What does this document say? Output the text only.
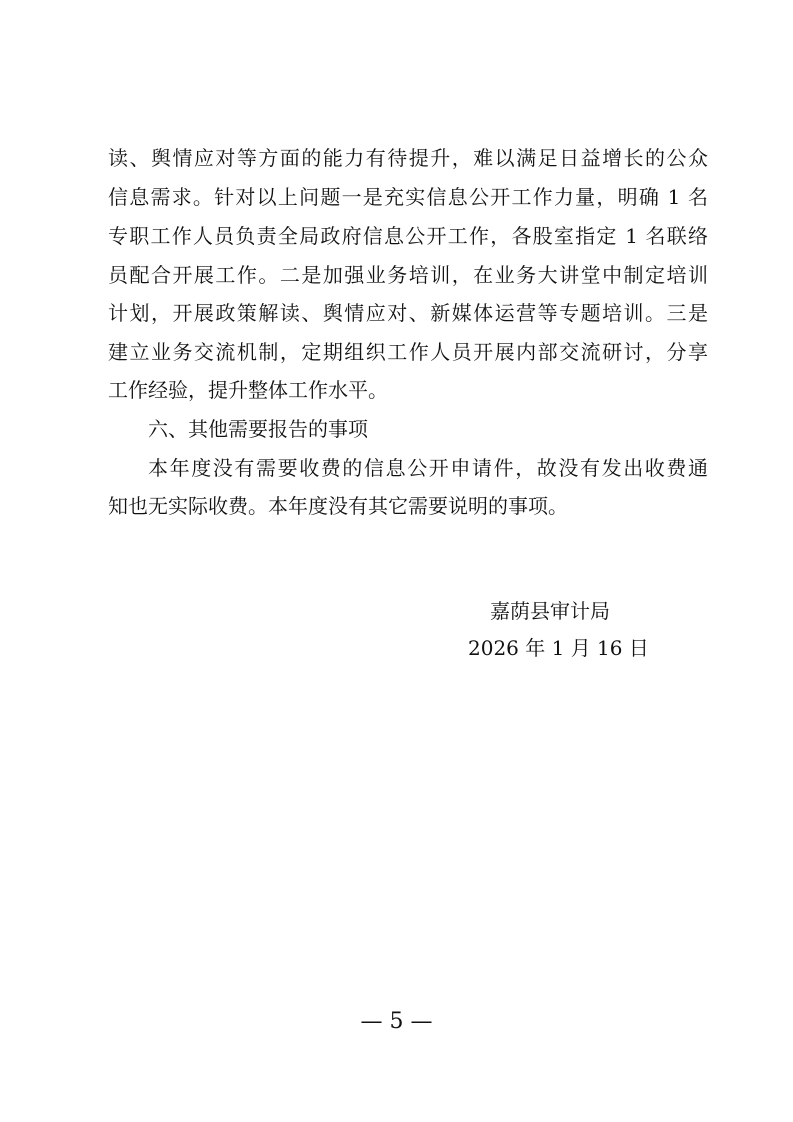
读、舆情应对等方面的能力有待提升，难以满足日益增长的公众
信息需求。针对以上问题一是充实信息公开工作力量，明确 1 名
专职工作人员负责全局政府信息公开工作，各股室指定 1 名联络
员配合开展工作。二是加强业务培训，在业务大讲堂中制定培训
计划，开展政策解读、舆情应对、新媒体运营等专题培训。三是
建立业务交流机制，定期组织工作人员开展内部交流研讨，分享
工作经验，提升整体工作水平。
六、其他需要报告的事项
本年度没有需要收费的信息公开申请件，故没有发出收费通
知也无实际收费。本年度没有其它需要说明的事项。
嘉荫县审计局
2026 年 1 月 16 日
— 5 —
